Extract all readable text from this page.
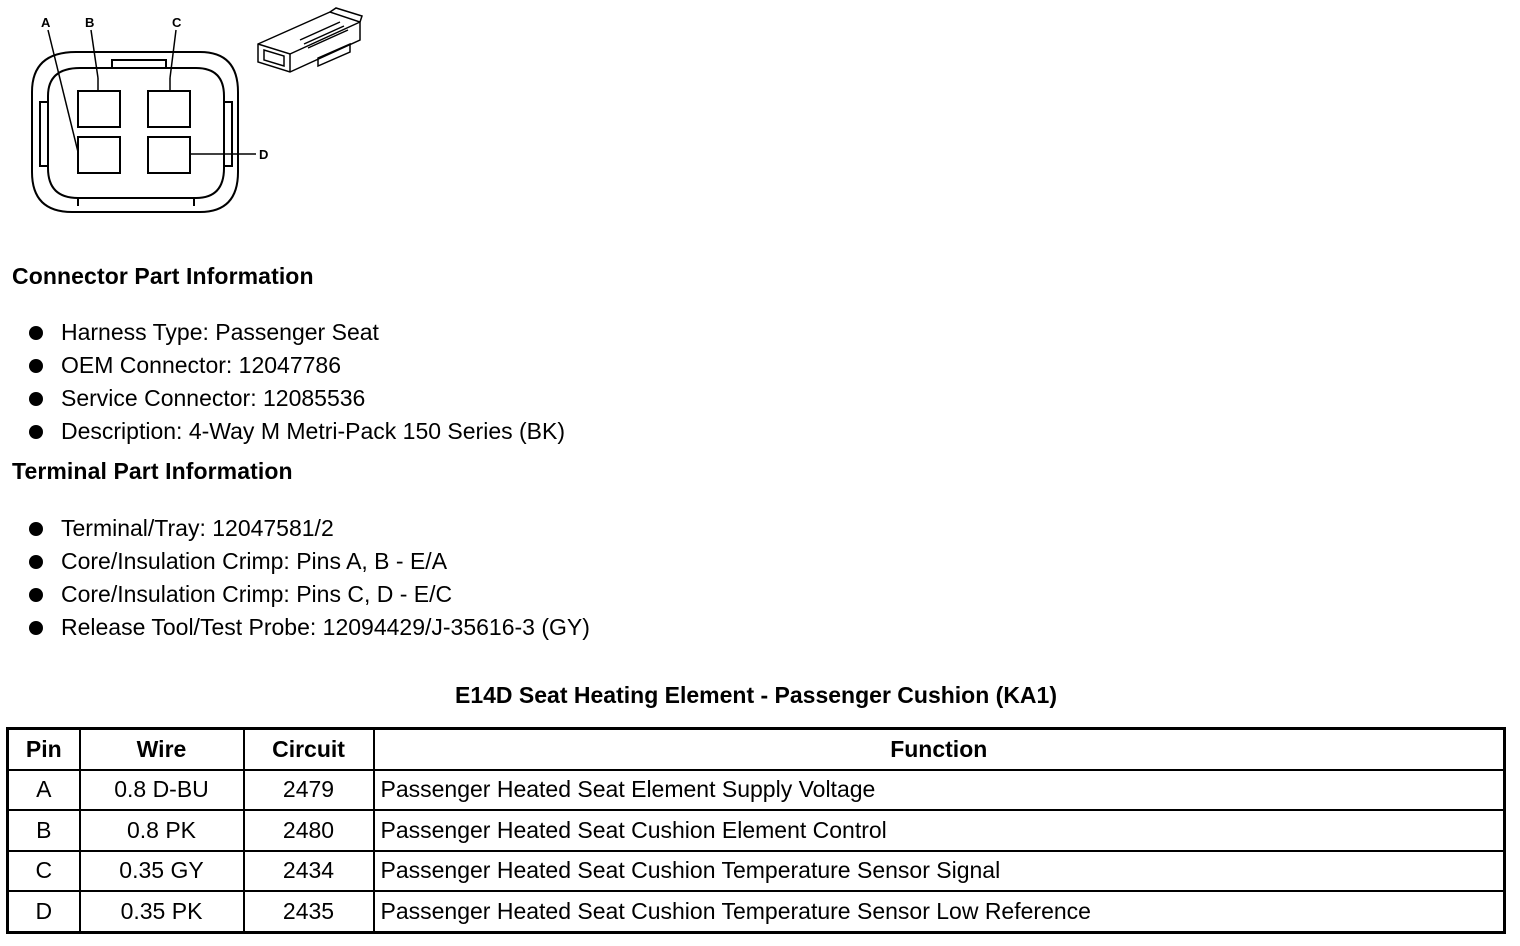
A	B	C
D
Connector Part Information
Harness Type: Passenger Seat
OEM Connector: 12047786
Service Connector: 12085536
Description: 4-Way M Metri-Pack 150 Series (BK)
Terminal Part Information
Terminal/Tray: 12047581/2
Core/Insulation Crimp: Pins A, B - E/A
Core/Insulation Crimp: Pins C, D - E/C
Release Tool/Test Probe: 12094429/J-35616-3 (GY)
E14D Seat Heating Element - Passenger Cushion (KA1)
Pin	Wire	Circuit	Function
A	0.8 D-BU	2479	Passenger Heated Seat Element Supply Voltage
B	0.8 PK	2480	Passenger Heated Seat Cushion Element Control
C	0.35 GY	2434	Passenger Heated Seat Cushion Temperature Sensor Signal
D	0.35 PK	2435	Passenger Heated Seat Cushion Temperature Sensor Low Reference
